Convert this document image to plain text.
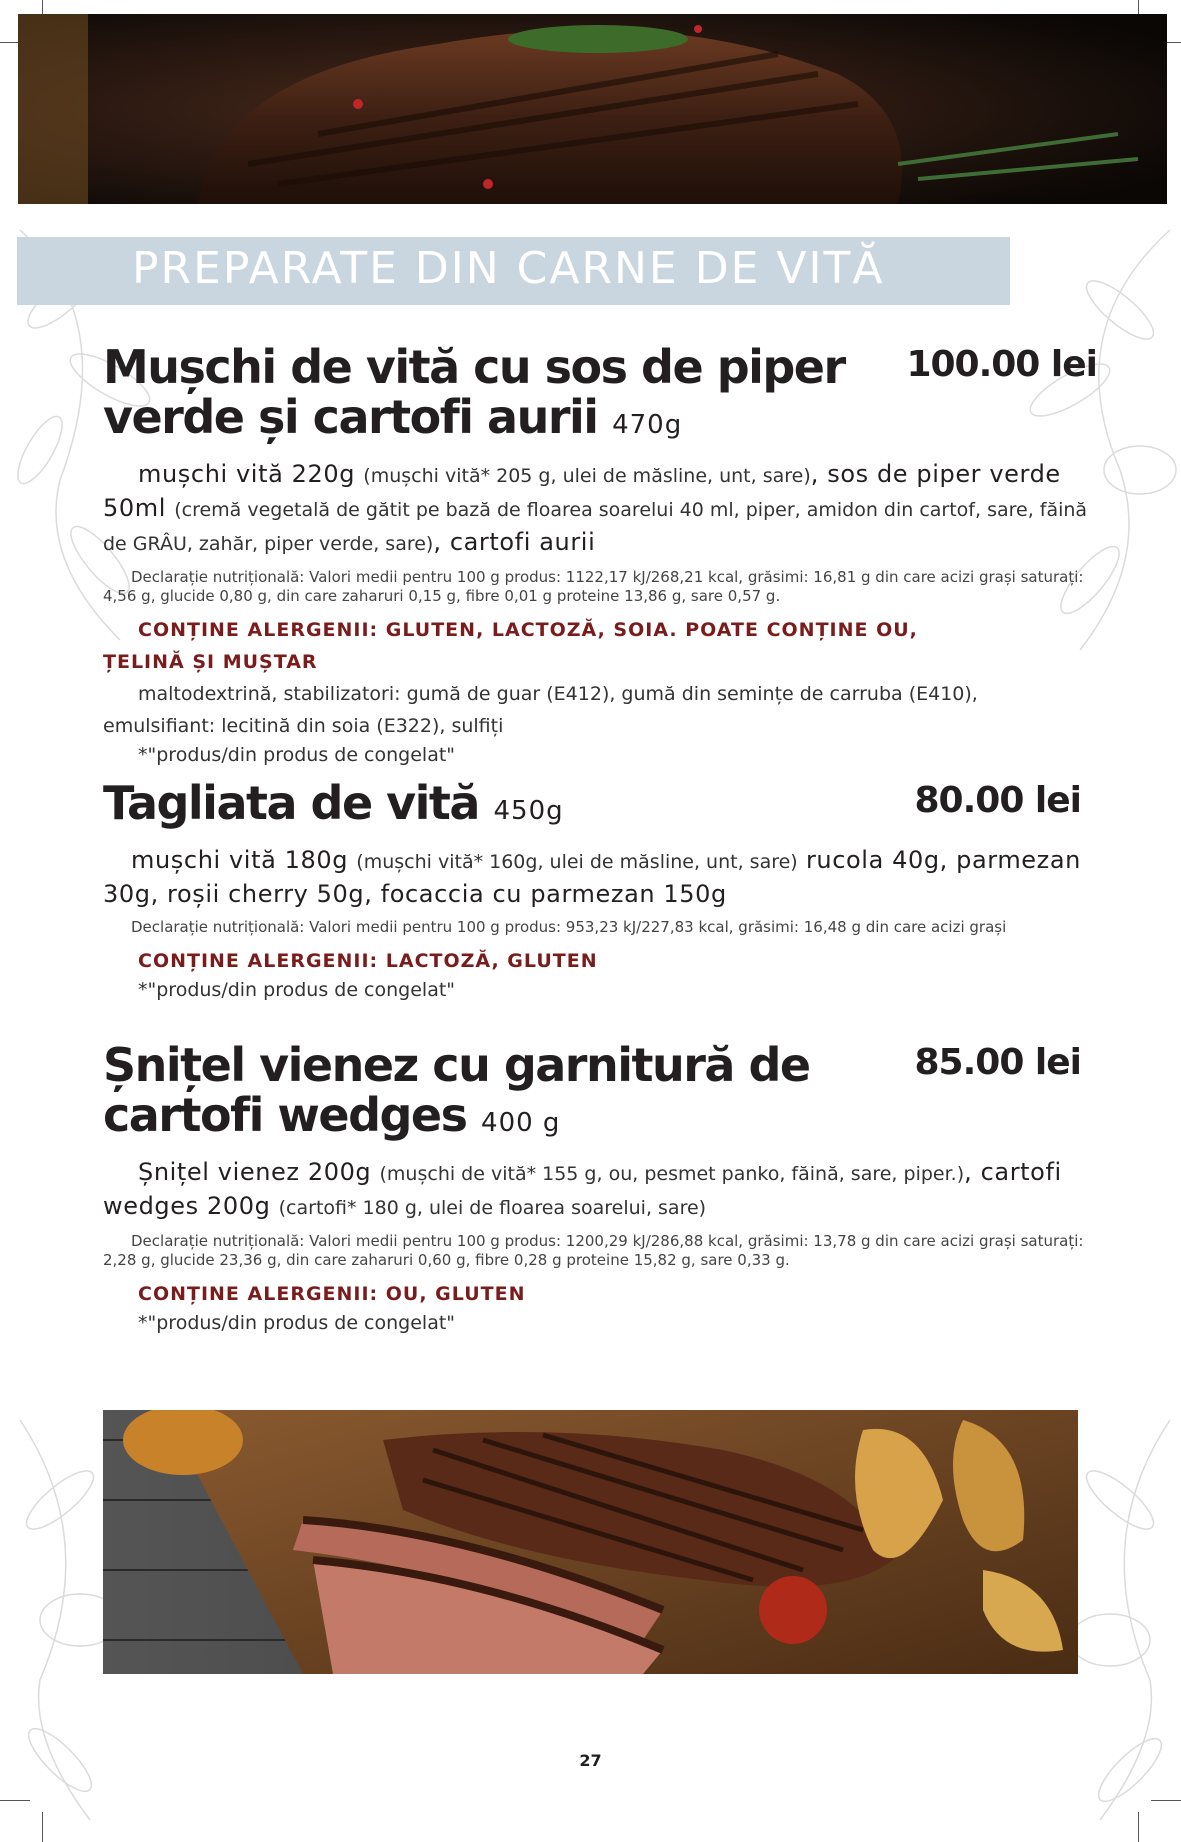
PREPARATE DIN CARNE DE VITĂ
Mușchi de vită cu sos de piper verde și cartofi aurii 470g
100.00 lei
mușchi vită 220g (mușchi vită* 205 g, ulei de măsline, unt, sare), sos de piper verde 50ml (cremă vegetală de gătit pe bază de floarea soarelui 40 ml, piper, amidon din cartof, sare, făină de GRÂU, zahăr, piper verde, sare), cartofi aurii
Declarație nutrițională: Valori medii pentru 100 g produs: 1122,17 kJ/268,21 kcal, grăsimi: 16,81 g din care acizi grași saturați: 4,56 g, glucide 0,80 g, din care zaharuri 0,15 g, fibre 0,01 g proteine 13,86 g, sare 0,57 g.
CONȚINE ALERGENII: GLUTEN, LACTOZĂ, SOIA. POATE CONȚINE OU, ȚELINĂ ȘI MUȘTAR
maltodextrină, stabilizatori: gumă de guar (E412), gumă din semințe de carruba (E410), emulsifiant: lecitină din soia (E322), sulfiți
*"produs/din produs de congelat"
Tagliata de vită 450g	80.00 lei
mușchi vită 180g (mușchi vită* 160g, ulei de măsline, unt, sare) rucola 40g, parmezan 30g, roșii cherry 50g, focaccia cu parmezan 150g
Declarație nutrițională: Valori medii pentru 100 g produs: 953,23 kJ/227,83 kcal, grăsimi: 16,48 g din care acizi grași
CONȚINE ALERGENII: LACTOZĂ, GLUTEN
*"produs/din produs de congelat"
Șnițel vienez cu garnitură de cartofi wedges 400 g
85.00 lei
Șnițel vienez 200g (mușchi de vită* 155 g, ou, pesmet panko, făină, sare, piper.), cartofi wedges 200g (cartofi* 180 g, ulei de floarea soarelui, sare)
Declarație nutrițională: Valori medii pentru 100 g produs: 1200,29 kJ/286,88 kcal, grăsimi: 13,78 g din care acizi grași saturați: 2,28 g, glucide 23,36 g, din care zaharuri 0,60 g, fibre 0,28 g proteine 15,82 g, sare 0,33 g.
CONȚINE ALERGENII: OU, GLUTEN
*"produs/din produs de congelat"
27
